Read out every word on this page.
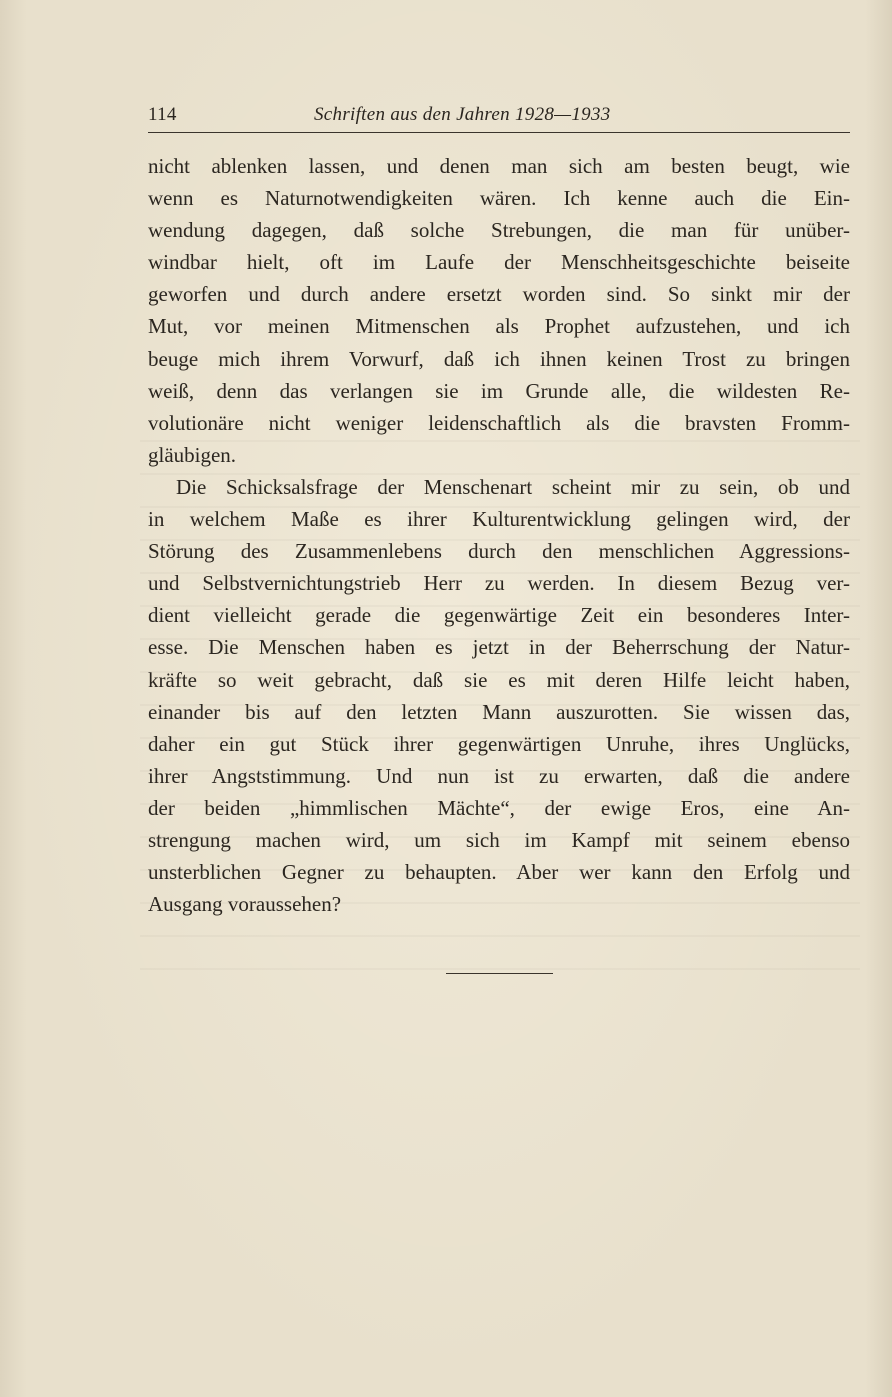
114	Schriften aus den Jahren 1928—1933
nicht ablenken lassen, und denen man sich am besten beugt, wie
wenn es Naturnotwendigkeiten wären. Ich kenne auch die Ein-
wendung dagegen, daß solche Strebungen, die man für unüber-
windbar hielt, oft im Laufe der Menschheitsgeschichte beiseite
geworfen und durch andere ersetzt worden sind. So sinkt mir der
Mut, vor meinen Mitmenschen als Prophet aufzustehen, und ich
beuge mich ihrem Vorwurf, daß ich ihnen keinen Trost zu bringen
weiß, denn das verlangen sie im Grunde alle, die wildesten Re-
volutionäre nicht weniger leidenschaftlich als die bravsten Fromm-
gläubigen.
Die Schicksalsfrage der Menschenart scheint mir zu sein, ob und
in welchem Maße es ihrer Kulturentwicklung gelingen wird, der
Störung des Zusammenlebens durch den menschlichen Aggressions-
und Selbstvernichtungstrieb Herr zu werden. In diesem Bezug ver-
dient vielleicht gerade die gegenwärtige Zeit ein besonderes Inter-
esse. Die Menschen haben es jetzt in der Beherrschung der Natur-
kräfte so weit gebracht, daß sie es mit deren Hilfe leicht haben,
einander bis auf den letzten Mann auszurotten. Sie wissen das,
daher ein gut Stück ihrer gegenwärtigen Unruhe, ihres Unglücks,
ihrer Angststimmung. Und nun ist zu erwarten, daß die andere
der beiden „himmlischen Mächte“, der ewige Eros, eine An-
strengung machen wird, um sich im Kampf mit seinem ebenso
unsterblichen Gegner zu behaupten. Aber wer kann den Erfolg und
Ausgang voraussehen?
